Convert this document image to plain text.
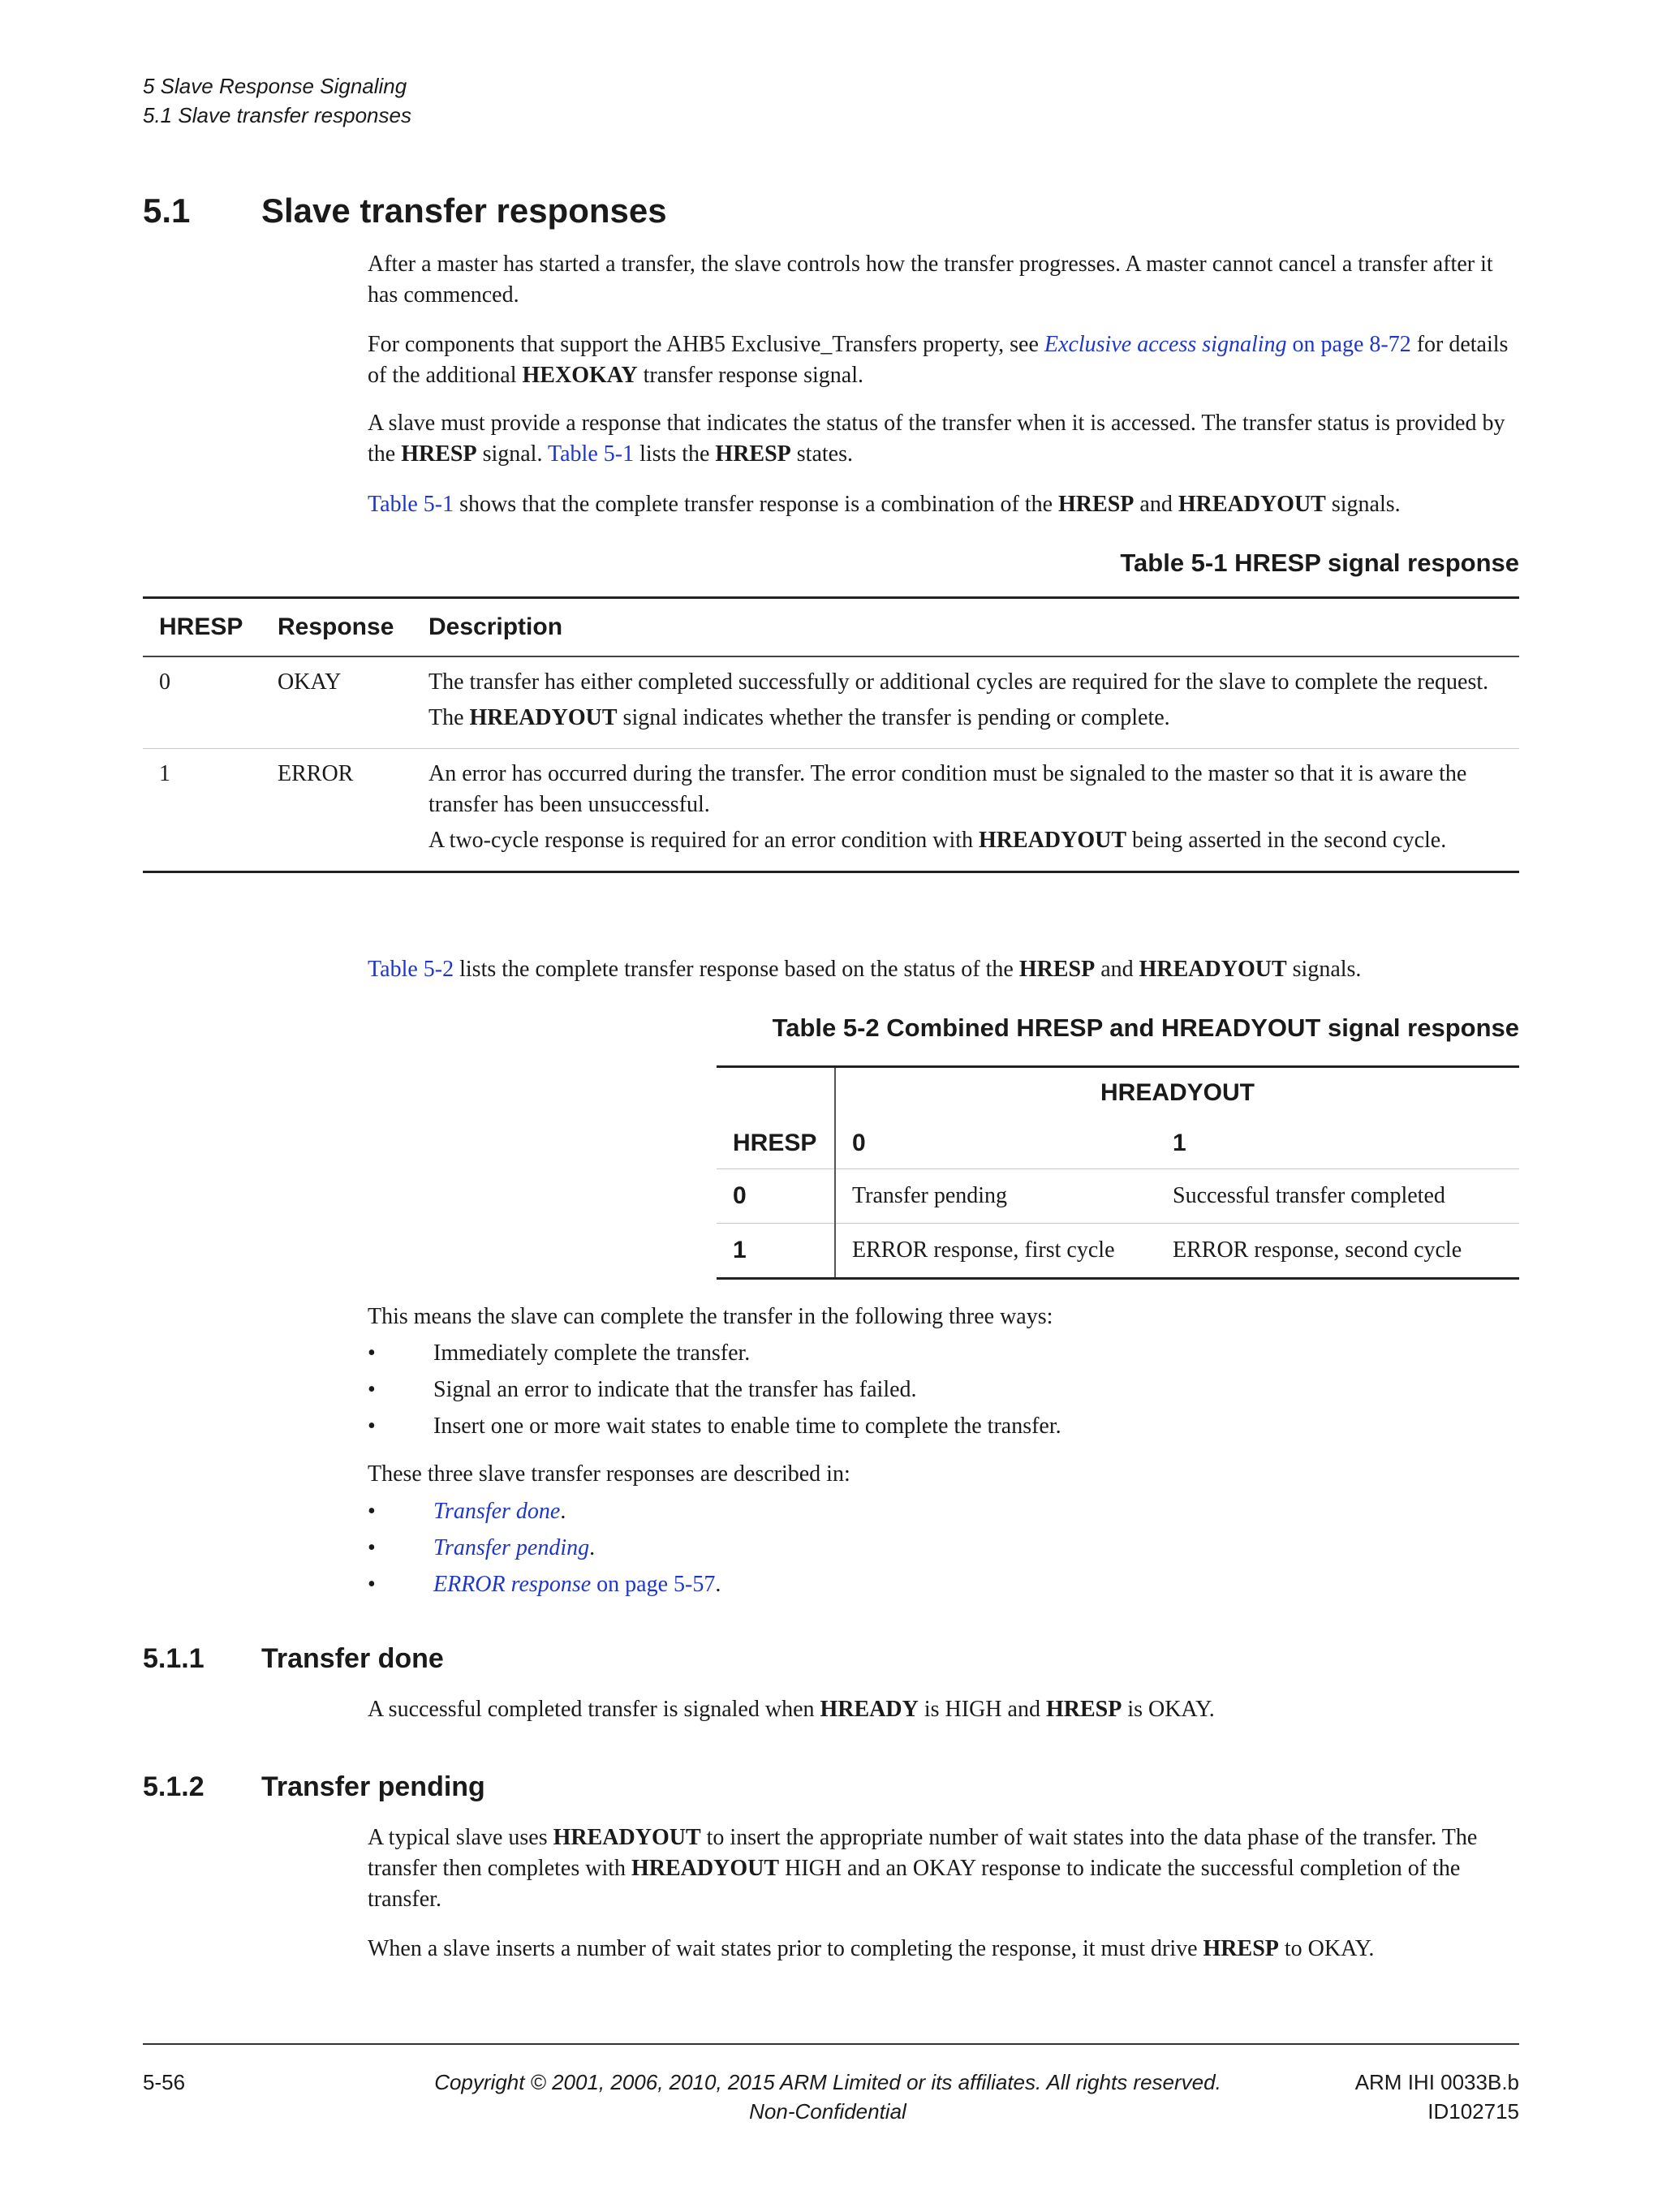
5 Slave Response Signaling
5.1 Slave transfer responses
5.1 Slave transfer responses

After a master has started a transfer, the slave controls how the transfer progresses. A master cannot cancel a transfer after it has commenced.

For components that support the AHB5 Exclusive_Transfers property, see Exclusive access signaling on page 8-72 for details of the additional HEXOKAY transfer response signal.

A slave must provide a response that indicates the status of the transfer when it is accessed. The transfer status is provided by the HRESP signal. Table 5-1 lists the HRESP states.

Table 5-1 shows that the complete transfer response is a combination of the HRESP and HREADYOUT signals.

Table 5-1 HRESP signal response

HRESP	Response	Description
0	OKAY	The transfer has either completed successfully or additional cycles are required for the slave to complete the request.

The HREADYOUT signal indicates whether the transfer is pending or complete.

1	ERROR	An error has occurred during the transfer. The error condition must be signaled to the master so that it is aware the transfer has been unsuccessful.

A two-cycle response is required for an error condition with HREADYOUT being asserted in the second cycle.

Table 5-2 lists the complete transfer response based on the status of the HRESP and HREADYOUT signals.

Table 5-2 Combined HRESP and HREADYOUT signal response

	HREADYOUT	
HRESP	0	1
0	Transfer pending	Successful transfer completed
1	ERROR response, first cycle	ERROR response, second cycle

This means the slave can complete the transfer in the following three ways:

• Immediately complete the transfer.
• Signal an error to indicate that the transfer has failed.
• Insert one or more wait states to enable time to complete the transfer.

These three slave transfer responses are described in:

• Transfer done.
• Transfer pending.
• ERROR response on page 5-57.
5.1.1 Transfer done

A successful completed transfer is signaled when HREADY is HIGH and HRESP is OKAY.

5.1.2 Transfer pending

A typical slave uses HREADYOUT to insert the appropriate number of wait states into the data phase of the transfer. The transfer then completes with HREADYOUT HIGH and an OKAY response to indicate the successful completion of the transfer.

When a slave inserts a number of wait states prior to completing the response, it must drive HRESP to OKAY.

5-56	Copyright © 2001, 2006, 2010, 2015 ARM Limited or its affiliates. All rights reserved.
Non-Confidential
ARM IHI 0033B.b
ID102715
